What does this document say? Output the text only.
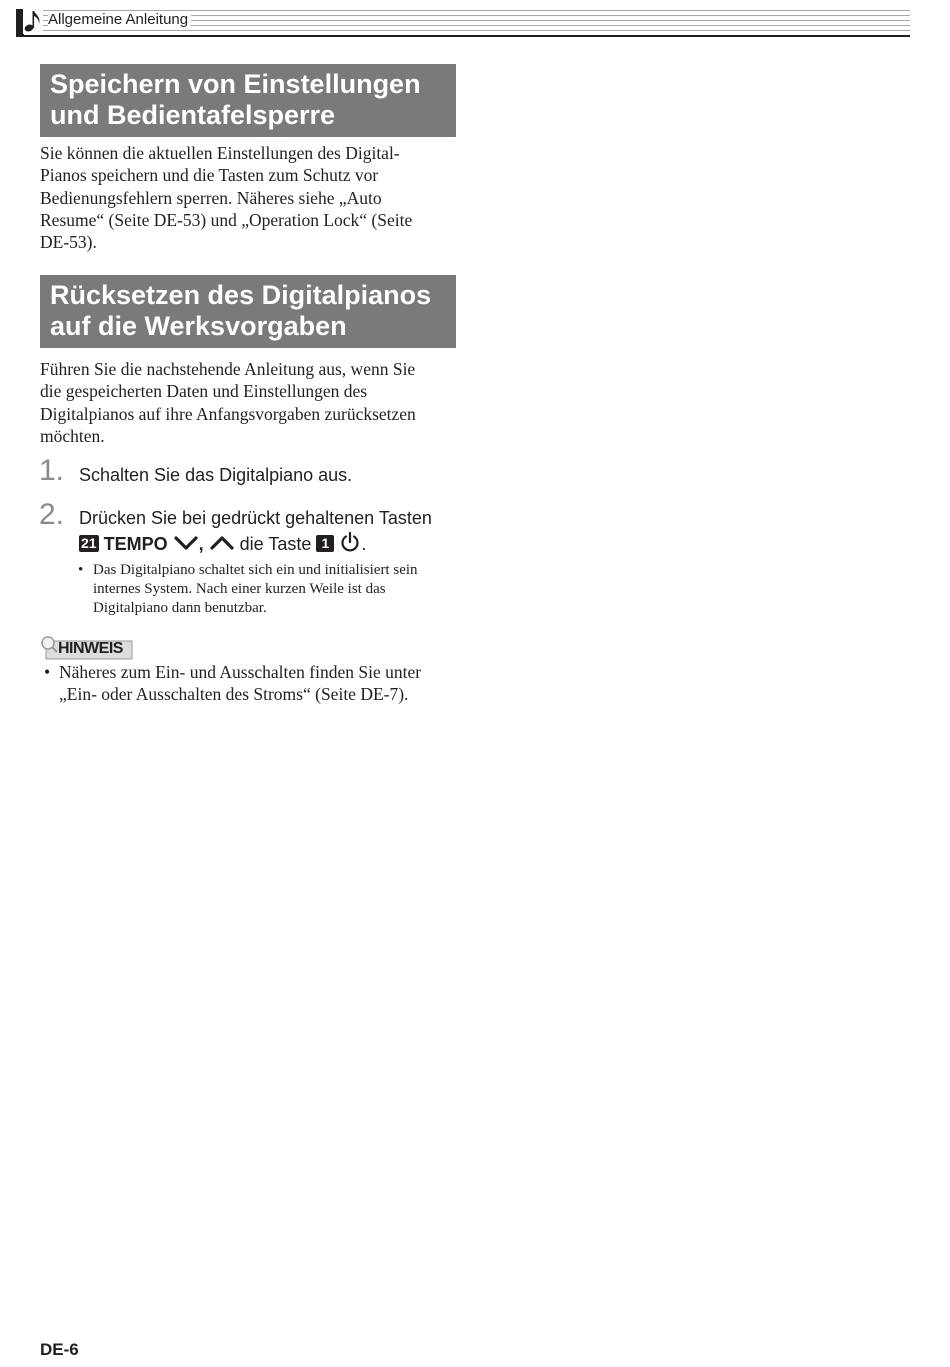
Allgemeine Anleitung
Speichern von Einstellungen
und Bedientafelsperre
Sie können die aktuellen Einstellungen des Digital-
Pianos speichern und die Tasten zum Schutz vor
Bedienungsfehlern sperren. Näheres siehe „Auto
Resume“ (Seite DE-53) und „Operation Lock“ (Seite
DE-53).
Rücksetzen des Digitalpianos
auf die Werksvorgaben
Führen Sie die nachstehende Anleitung aus, wenn Sie
die gespeicherten Daten und Einstellungen des
Digitalpianos auf ihre Anfangsvorgaben zurücksetzen
möchten.
1. Schalten Sie das Digitalpiano aus.
2. Drücken Sie bei gedrückt gehaltenen Tasten
21 TEMPO , die Taste 1 .
• Das Digitalpiano schaltet sich ein und initialisiert sein
internes System. Nach einer kurzen Weile ist das
Digitalpiano dann benutzbar.
HINWEIS
• Näheres zum Ein- und Ausschalten finden Sie unter
„Ein- oder Ausschalten des Stroms“ (Seite DE-7).
DE-6
